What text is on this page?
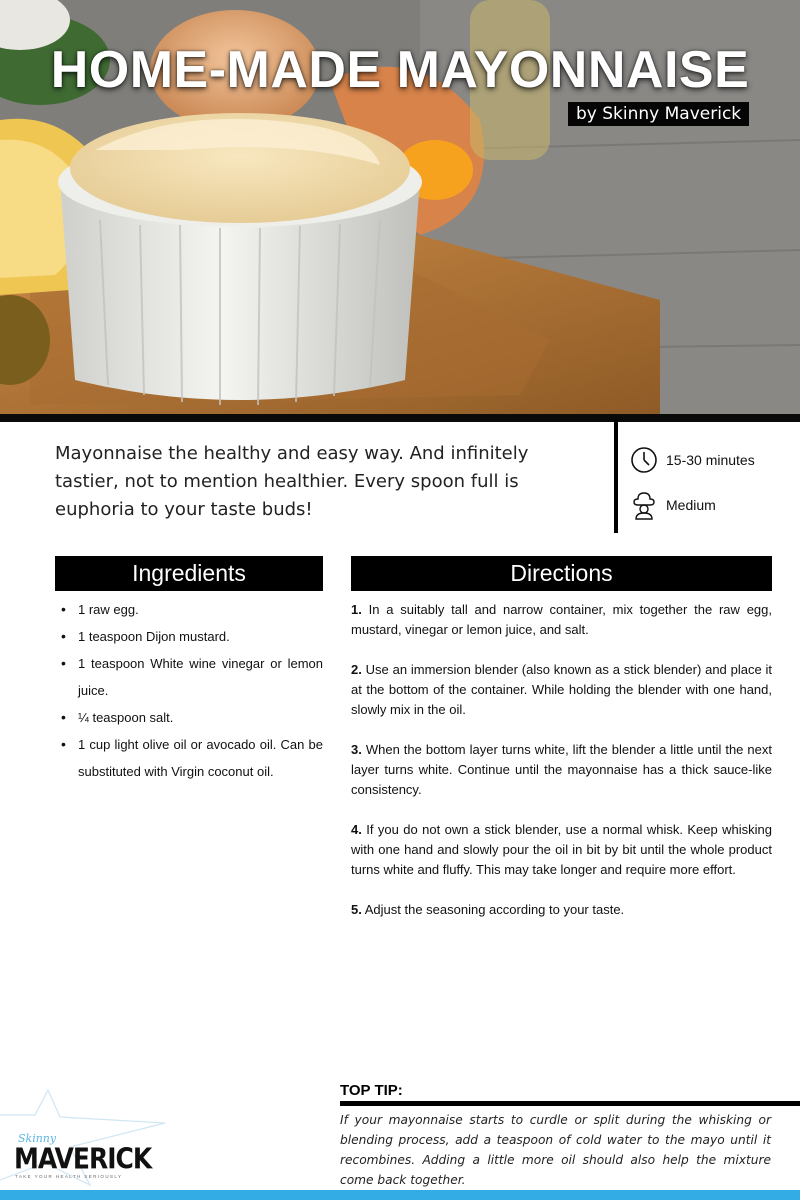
HOME-MADE MAYONNAISE
by Skinny Maverick

Mayonnaise the healthy and easy way. And infinitely tastier, not to mention healthier. Every spoon full is euphoria to your taste buds!

15-30 minutes
Medium
Ingredients
• 1 raw egg.
• 1 teaspoon Dijon mustard.
• 1 teaspoon White wine vinegar or lemon juice.
• ¼ teaspoon salt.
• 1 cup light olive oil or avocado oil. Can be substituted with Virgin coconut oil.
Directions

1. In a suitably tall and narrow container, mix together the raw egg, mustard, vinegar or lemon juice, and salt.

2. Use an immersion blender (also known as a stick blender) and place it at the bottom of the container. While holding the blender with one hand, slowly mix in the oil.

3. When the bottom layer turns white, lift the blender a little until the next layer turns white. Continue until the mayonnaise has a thick sauce-like consistency.

4. If you do not own a stick blender, use a normal whisk. Keep whisking with one hand and slowly pour the oil in bit by bit until the whole product turns white and fluffy. This may take longer and require more effort.

5. Adjust the seasoning according to your taste.

TOP TIP:

If your mayonnaise starts to curdle or split during the whisking or blending process, add a teaspoon of cold water to the mayo until it recombines. Adding a little more oil should also help the mixture come back together.

Skinny
MAVERICK
TAKE YOUR HEALTH SERIOUSLY
